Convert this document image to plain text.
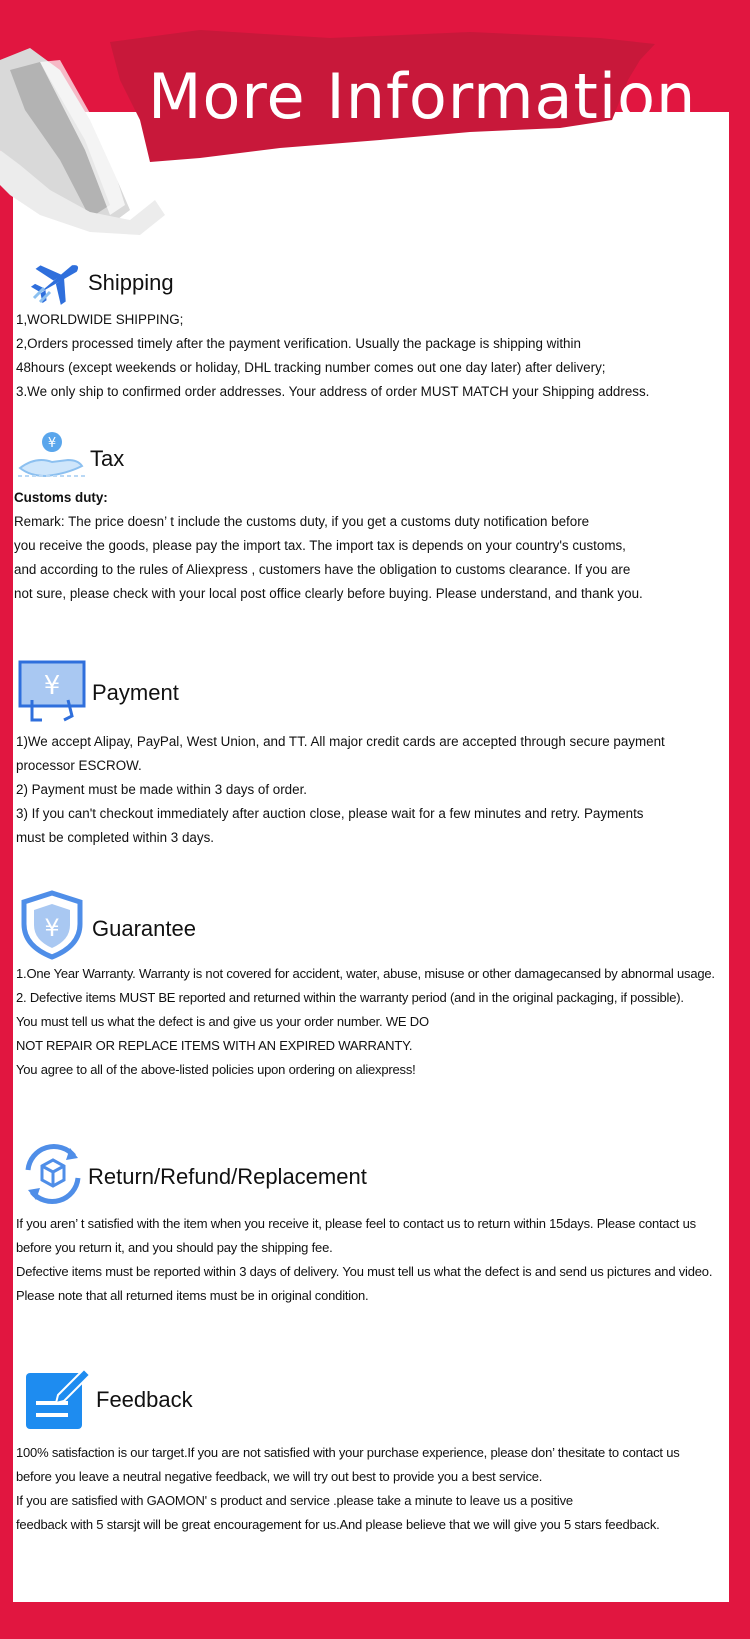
More Information
Shipping
1,WORLDWIDE SHIPPING;
2,Orders processed timely after the payment verification. Usually the package is shipping within
48hours (except weekends or holiday, DHL tracking number comes out one day later) after delivery;
3.We only ship to confirmed order addresses. Your address of order MUST MATCH your Shipping address.
¥
Tax
Customs duty:
Remark: The price doesn’ t include the customs duty, if you get a customs duty notification before
you receive the goods, please pay the import tax. The import tax is depends on your country's customs,
and according to the rules of Aliexpress , customers have the obligation to customs clearance. If you are
not sure, please check with your local post office clearly before buying. Please understand, and thank you.
¥ Payment
1)We accept Alipay, PayPal, West Union, and TT. All major credit cards are accepted through secure payment
processor ESCROW.
2) Payment must be made within 3 days of order.
3) If you can't checkout immediately after auction close, please wait for a few minutes and retry. Payments
must be completed within 3 days.
¥ Guarantee
1.One Year Warranty. Warranty is not covered for accident, water, abuse, misuse or other damagecansed by abnormal usage.
2. Defective items MUST BE reported and returned within the warranty period (and in the original packaging, if possible).
You must tell us what the defect is and give us your order number. WE DO
NOT REPAIR OR REPLACE ITEMS WITH AN EXPIRED WARRANTY.
You agree to all of the above-listed policies upon ordering on aliexpress!
Return/Refund/Replacement
If you aren’ t satisfied with the item when you receive it, please feel to contact us to return within 15days. Please contact us
before you return it, and you should pay the shipping fee.
Defective items must be reported within 3 days of delivery. You must tell us what the defect is and send us pictures and video.
Please note that all returned items must be in original condition.
Feedback
100% satisfaction is our target.If you are not satisfied with your purchase experience, please don’ thesitate to contact us
before you leave a neutral negative feedback, we will try out best to provide you a best service.
If you are satisfied with GAOMON' s product and service .please take a minute to leave us a positive
feedback with 5 starsjt will be great encouragement for us.And please believe that we will give you 5 stars feedback.
